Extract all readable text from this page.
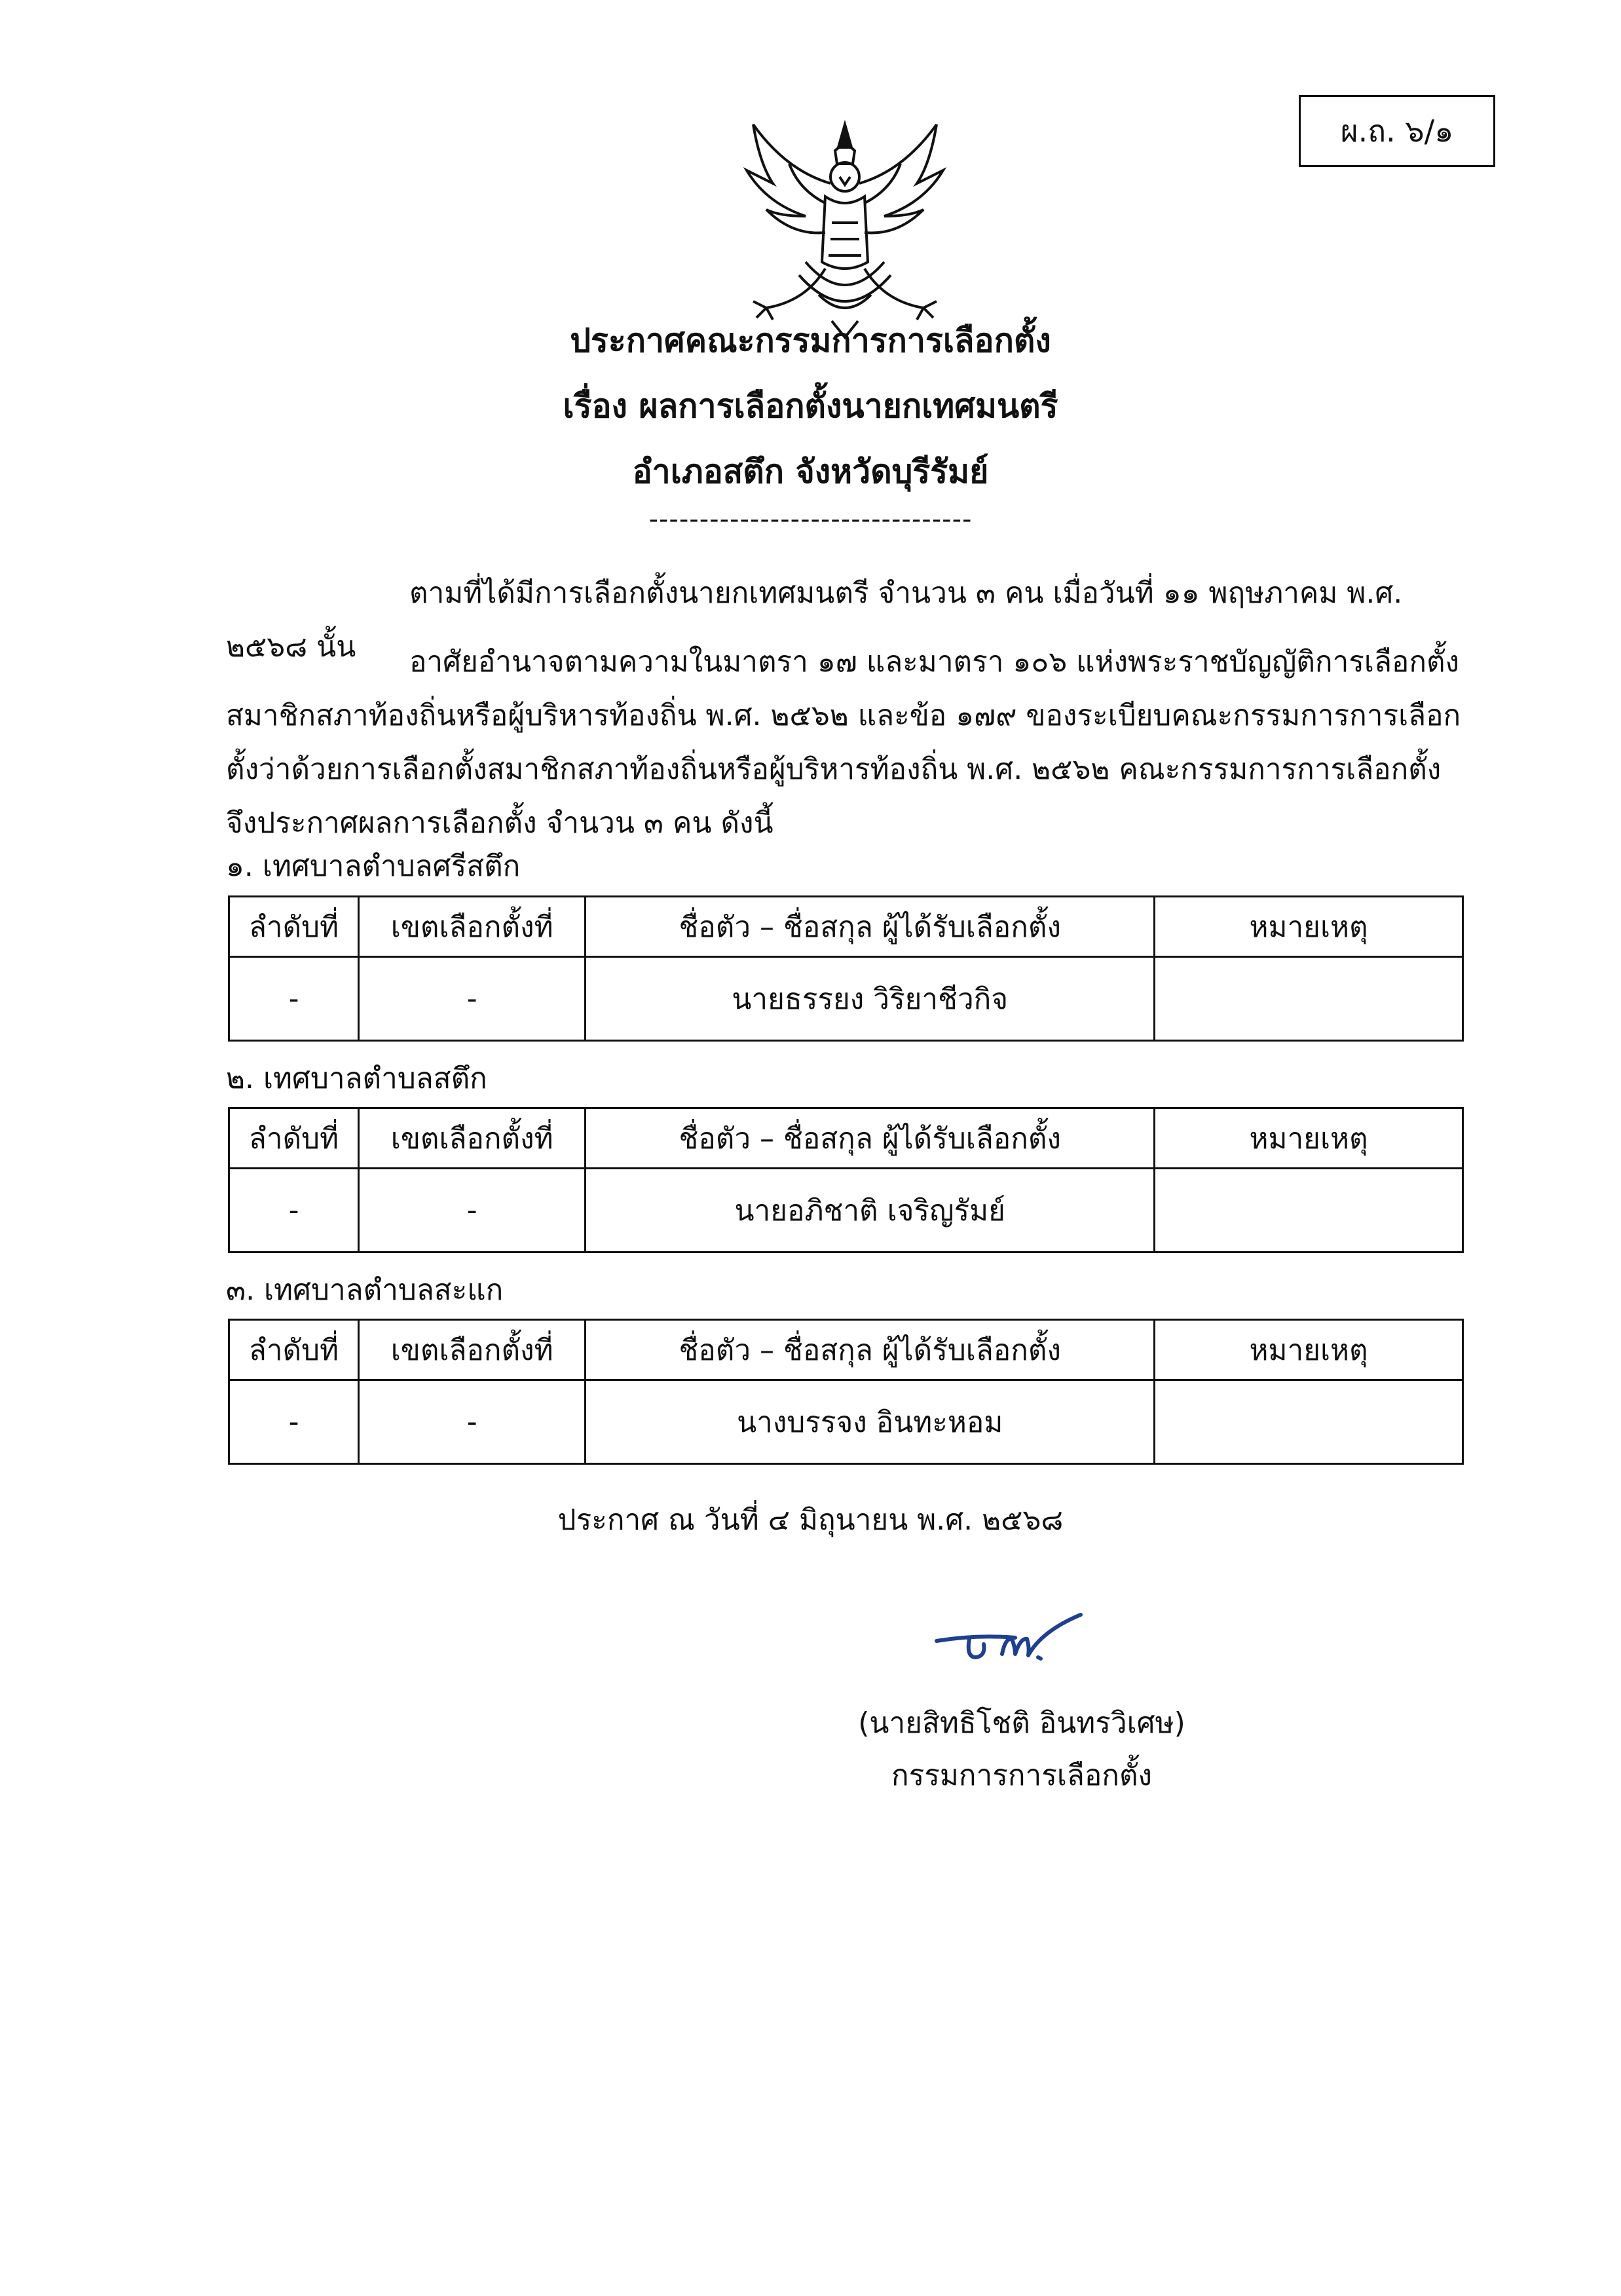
ผ.ถ. ๖/๑
ประกาศคณะกรรมการการเลือกตั้ง
เรื่อง ผลการเลือกตั้งนายกเทศมนตรี
อำเภอสตึก จังหวัดบุรีรัมย์
--------------------------------
ตามที่ได้มีการเลือกตั้งนายกเทศมนตรี จำนวน ๓ คน เมื่อวันที่ ๑๑ พฤษภาคม พ.ศ. ๒๕๖๘ นั้น	อาศัยอำนาจตามความในมาตรา ๑๗ และมาตรา ๑๐๖ แห่งพระราชบัญญัติการเลือกตั้งสมาชิกสภาท้องถิ่นหรือผู้บริหารท้องถิ่น พ.ศ. ๒๕๖๒ และข้อ ๑๗๙ ของระเบียบคณะกรรมการการเลือกตั้งว่าด้วยการเลือกตั้งสมาชิกสภาท้องถิ่นหรือผู้บริหารท้องถิ่น พ.ศ. ๒๕๖๒ คณะกรรมการการเลือกตั้งจึงประกาศผลการเลือกตั้ง จำนวน ๓ คน ดังนี้
๑. เทศบาลตำบลศรีสตึก
ลำดับที่	เขตเลือกตั้งที่	ชื่อตัว – ชื่อสกุล ผู้ได้รับเลือกตั้ง	หมายเหตุ
-	-	นายธรรยง วิริยาชีวกิจ	
๒. เทศบาลตำบลสตึก
ลำดับที่	เขตเลือกตั้งที่	ชื่อตัว – ชื่อสกุล ผู้ได้รับเลือกตั้ง	หมายเหตุ
-	-	นายอภิชาติ เจริญรัมย์	
๓. เทศบาลตำบลสะแก
ลำดับที่	เขตเลือกตั้งที่	ชื่อตัว – ชื่อสกุล ผู้ได้รับเลือกตั้ง	หมายเหตุ
-	-	นางบรรจง อินทะหอม	
ประกาศ ณ วันที่ ๔ มิถุนายน พ.ศ. ๒๕๖๘
(นายสิทธิโชติ อินทรวิเศษ)
กรรมการการเลือกตั้ง
